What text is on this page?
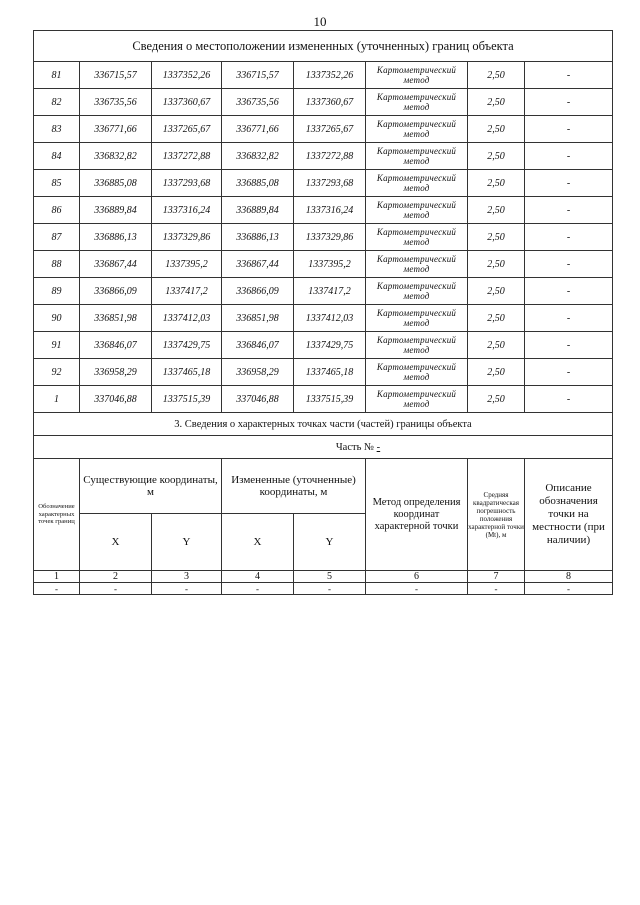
10
Сведения о местоположении измененных (уточненных) границ объекта							
81	336715,57	1337352,26	336715,57	1337352,26	Картометрический метод	2,50	-
82	336735,56	1337360,67	336735,56	1337360,67	Картометрический метод	2,50	-
83	336771,66	1337265,67	336771,66	1337265,67	Картометрический метод	2,50	-
84	336832,82	1337272,88	336832,82	1337272,88	Картометрический метод	2,50	-
85	336885,08	1337293,68	336885,08	1337293,68	Картометрический метод	2,50	-
86	336889,84	1337316,24	336889,84	1337316,24	Картометрический метод	2,50	-
87	336886,13	1337329,86	336886,13	1337329,86	Картометрический метод	2,50	-
88	336867,44	1337395,2	336867,44	1337395,2	Картометрический метод	2,50	-
89	336866,09	1337417,2	336866,09	1337417,2	Картометрический метод	2,50	-
90	336851,98	1337412,03	336851,98	1337412,03	Картометрический метод	2,50	-
91	336846,07	1337429,75	336846,07	1337429,75	Картометрический метод	2,50	-
92	336958,29	1337465,18	336958,29	1337465,18	Картометрический метод	2,50	-
1	337046,88	1337515,39	337046,88	1337515,39	Картометрический метод	2,50	-
3. Сведения о характерных точках части (частей) границы объекта							
Часть № -							
Обозначение характерных точек границ	Существующие координаты, м		Измененные (уточненные) координаты, м		Метод определения координат характерной точки	Средняя квадратическая погрешность положения характерной точки (Mt), м	Описание обозначения точки на местности (при наличии)
	X	Y	X	Y			
1	2	3	4	5	6	7	8
-	-	-	-	-	-	-	-
